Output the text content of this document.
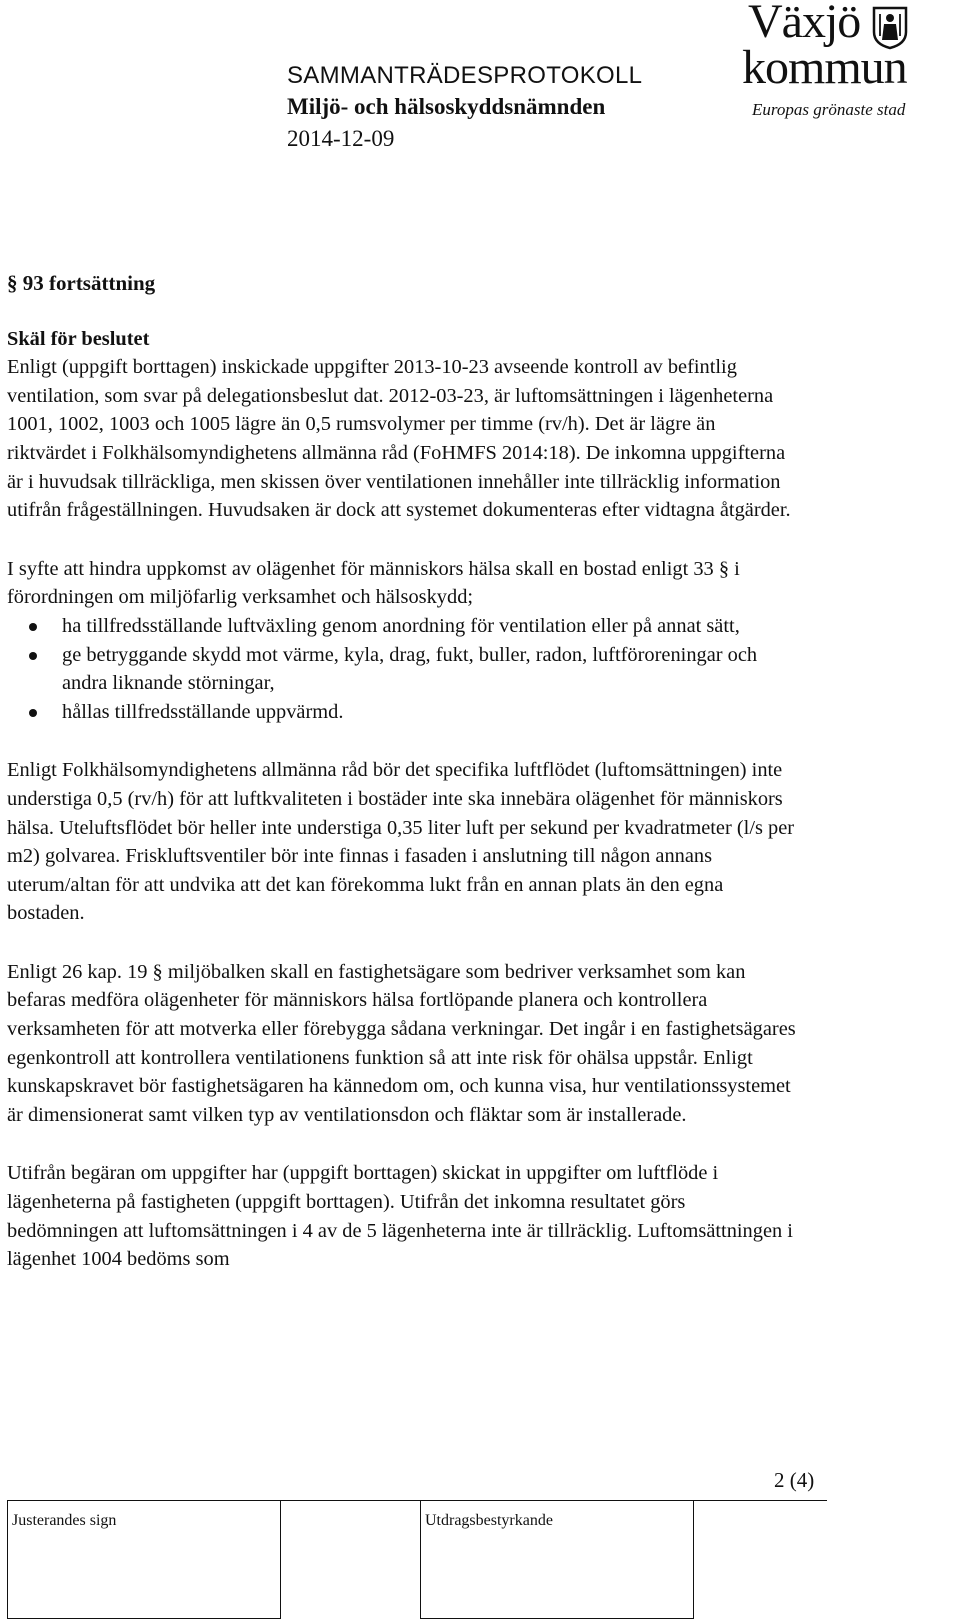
SAMMANTRÄDESPROTOKOLL
Miljö- och hälsoskyddsnämnden
2014-12-09
Växjö
kommun
Europas grönaste stad

§ 93 fortsättning

Skäl för beslutet

Enligt (uppgift borttagen) inskickade uppgifter 2013-10-23 avseende kontroll av befintlig ventilation, som svar på delegationsbeslut dat. 2012-03-23, är luftomsättningen i lägenheterna 1001, 1002, 1003 och 1005 lägre än 0,5 rumsvolymer per timme (rv/h). Det är lägre än riktvärdet i Folkhälsomyndighetens allmänna råd (FoHMFS 2014:18). De inkomna uppgifterna är i huvudsak tillräckliga, men skissen över ventilationen innehåller inte tillräcklig information utifrån frågeställningen. Huvudsaken är dock att systemet dokumenteras efter vidtagna åtgärder.

I syfte att hindra uppkomst av olägenhet för människors hälsa skall en bostad enligt 33 § i förordningen om miljöfarlig verksamhet och hälsoskydd;

ha tillfredsställande luftväxling genom anordning för ventilation eller på annat sätt,
ge betryggande skydd mot värme, kyla, drag, fukt, buller, radon, luftföroreningar och andra liknande störningar,
hållas tillfredsställande uppvärmd.

Enligt Folkhälsomyndighetens allmänna råd bör det specifika luftflödet (luftomsättningen) inte understiga 0,5 (rv/h) för att luftkvaliteten i bostäder inte ska innebära olägenhet för människors hälsa. Uteluftsflödet bör heller inte understiga 0,35 liter luft per sekund per kvadratmeter (l/s per m2) golvarea. Friskluftsventiler bör inte finnas i fasaden i anslutning till någon annans uterum/altan för att undvika att det kan förekomma lukt från en annan plats än den egna bostaden.

Enligt 26 kap. 19 § miljöbalken skall en fastighetsägare som bedriver verksamhet som kan befaras medföra olägenheter för människors hälsa fortlöpande planera och kontrollera verksamheten för att motverka eller förebygga sådana verkningar. Det ingår i en fastighetsägares egenkontroll att kontrollera ventilationens funktion så att inte risk för ohälsa uppstår. Enligt kunskapskravet bör fastighetsägaren ha kännedom om, och kunna visa, hur ventilationssystemet är dimensionerat samt vilken typ av ventilationsdon och fläktar som är installerade.

Utifrån begäran om uppgifter har (uppgift borttagen) skickat in uppgifter om luftflöde i lägenheterna på fastigheten (uppgift borttagen). Utifrån det inkomna resultatet görs bedömningen att luftomsättningen i 4 av de 5 lägenheterna inte är tillräcklig. Luftomsättningen i lägenhet 1004 bedöms som

2 (4)
Justerandes sign	Utdragsbestyrkande
